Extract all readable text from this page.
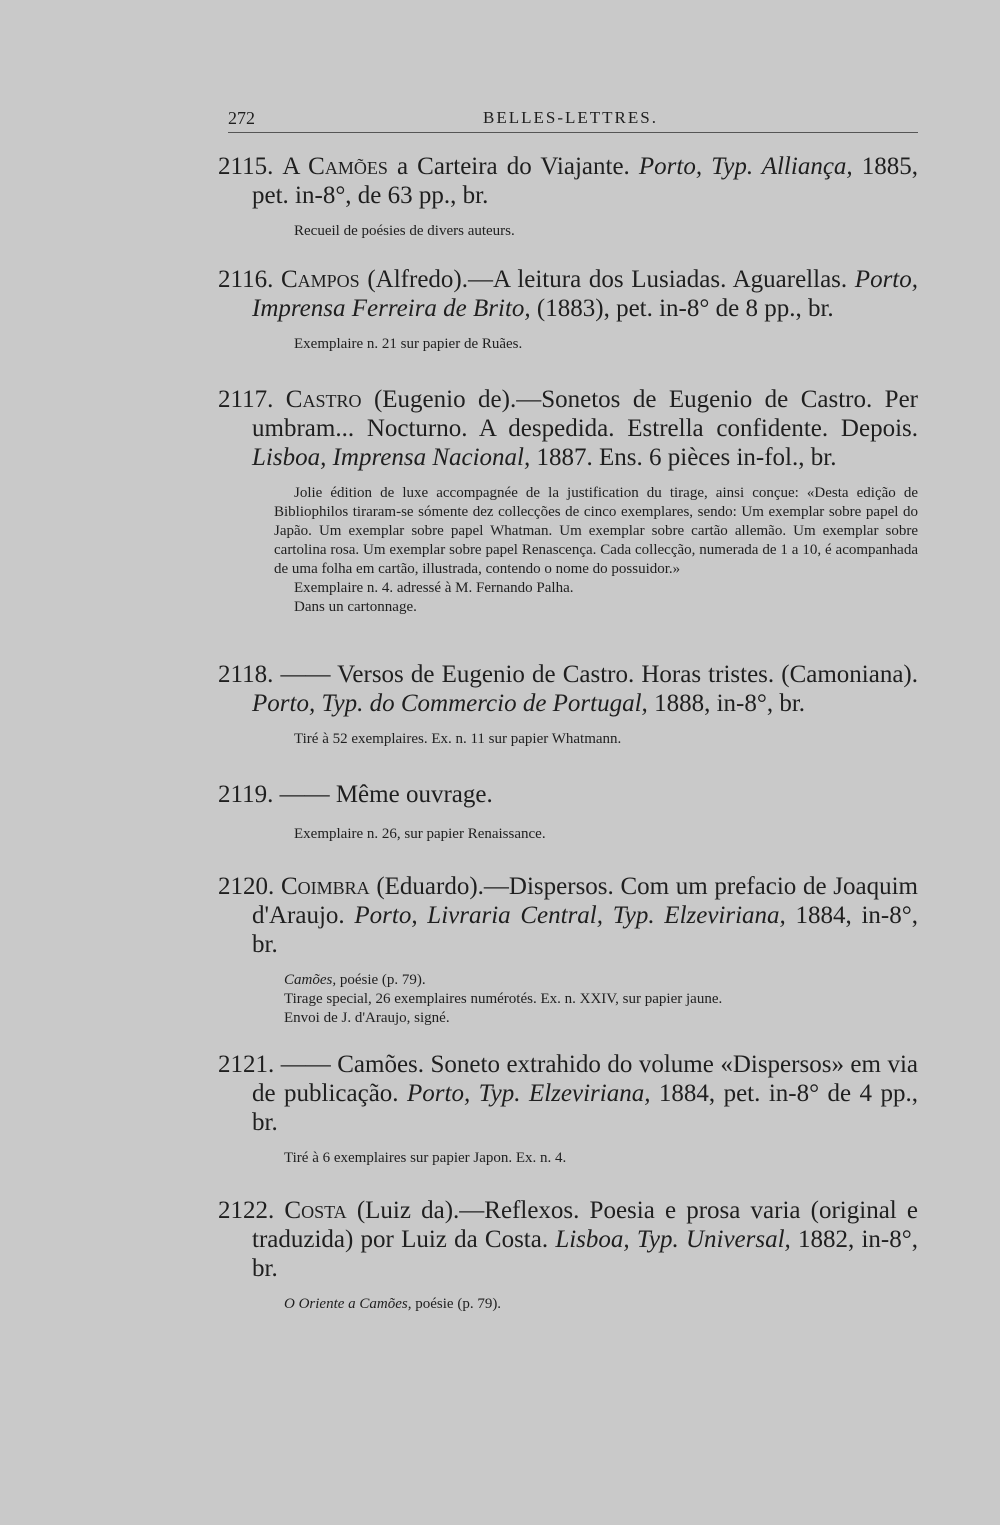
272	BELLES-LETTRES.

2115. A Camões a Carteira do Viajante. Porto, Typ. Alliança, 1885, pet. in-8°, de 63 pp., br.

Recueil de poésies de divers auteurs.

2116. Campos (Alfredo).—A leitura dos Lusiadas. Aguarellas. Porto, Imprensa Ferreira de Brito, (1883), pet. in-8° de 8 pp., br.

Exemplaire n. 21 sur papier de Ruães.

2117. Castro (Eugenio de).—Sonetos de Eugenio de Castro. Per umbram... Nocturno. A despedida. Estrella confidente. Depois. Lisboa, Imprensa Nacional, 1887. Ens. 6 pièces in-fol., br.

Jolie édition de luxe accompagnée de la justification du tirage, ainsi conçue: «Desta edição de Bibliophilos tiraram-se sómente dez collecções de cinco exemplares, sendo: Um exemplar sobre papel do Japão. Um exemplar sobre papel Whatman. Um exemplar sobre cartão allemão. Um exemplar sobre cartolina rosa. Um exemplar sobre papel Renascença. Cada collecção, numerada de 1 a 10, é acompanhada de uma folha em cartão, illustrada, contendo o nome do possuidor.»

Exemplaire n. 4. adressé à M. Fernando Palha.

Dans un cartonnage.

2118. —— Versos de Eugenio de Castro. Horas tristes. (Camoniana). Porto, Typ. do Commercio de Portugal, 1888, in-8°, br.

Tiré à 52 exemplaires. Ex. n. 11 sur papier Whatmann.

2119. —— Même ouvrage.

Exemplaire n. 26, sur papier Renaissance.

2120. Coimbra (Eduardo).—Dispersos. Com um prefacio de Joaquim d'Araujo. Porto, Livraria Central, Typ. Elzeviriana, 1884, in-8°, br.

Camões, poésie (p. 79).

Tirage special, 26 exemplaires numérotés. Ex. n. XXIV, sur papier jaune.

Envoi de J. d'Araujo, signé.

2121. —— Camões. Soneto extrahido do volume «Dispersos» em via de publicação. Porto, Typ. Elzeviriana, 1884, pet. in-8° de 4 pp., br.

Tiré à 6 exemplaires sur papier Japon. Ex. n. 4.

2122. Costa (Luiz da).—Reflexos. Poesia e prosa varia (original e traduzida) por Luiz da Costa. Lisboa, Typ. Universal, 1882, in-8°, br.

O Oriente a Camões, poésie (p. 79).
